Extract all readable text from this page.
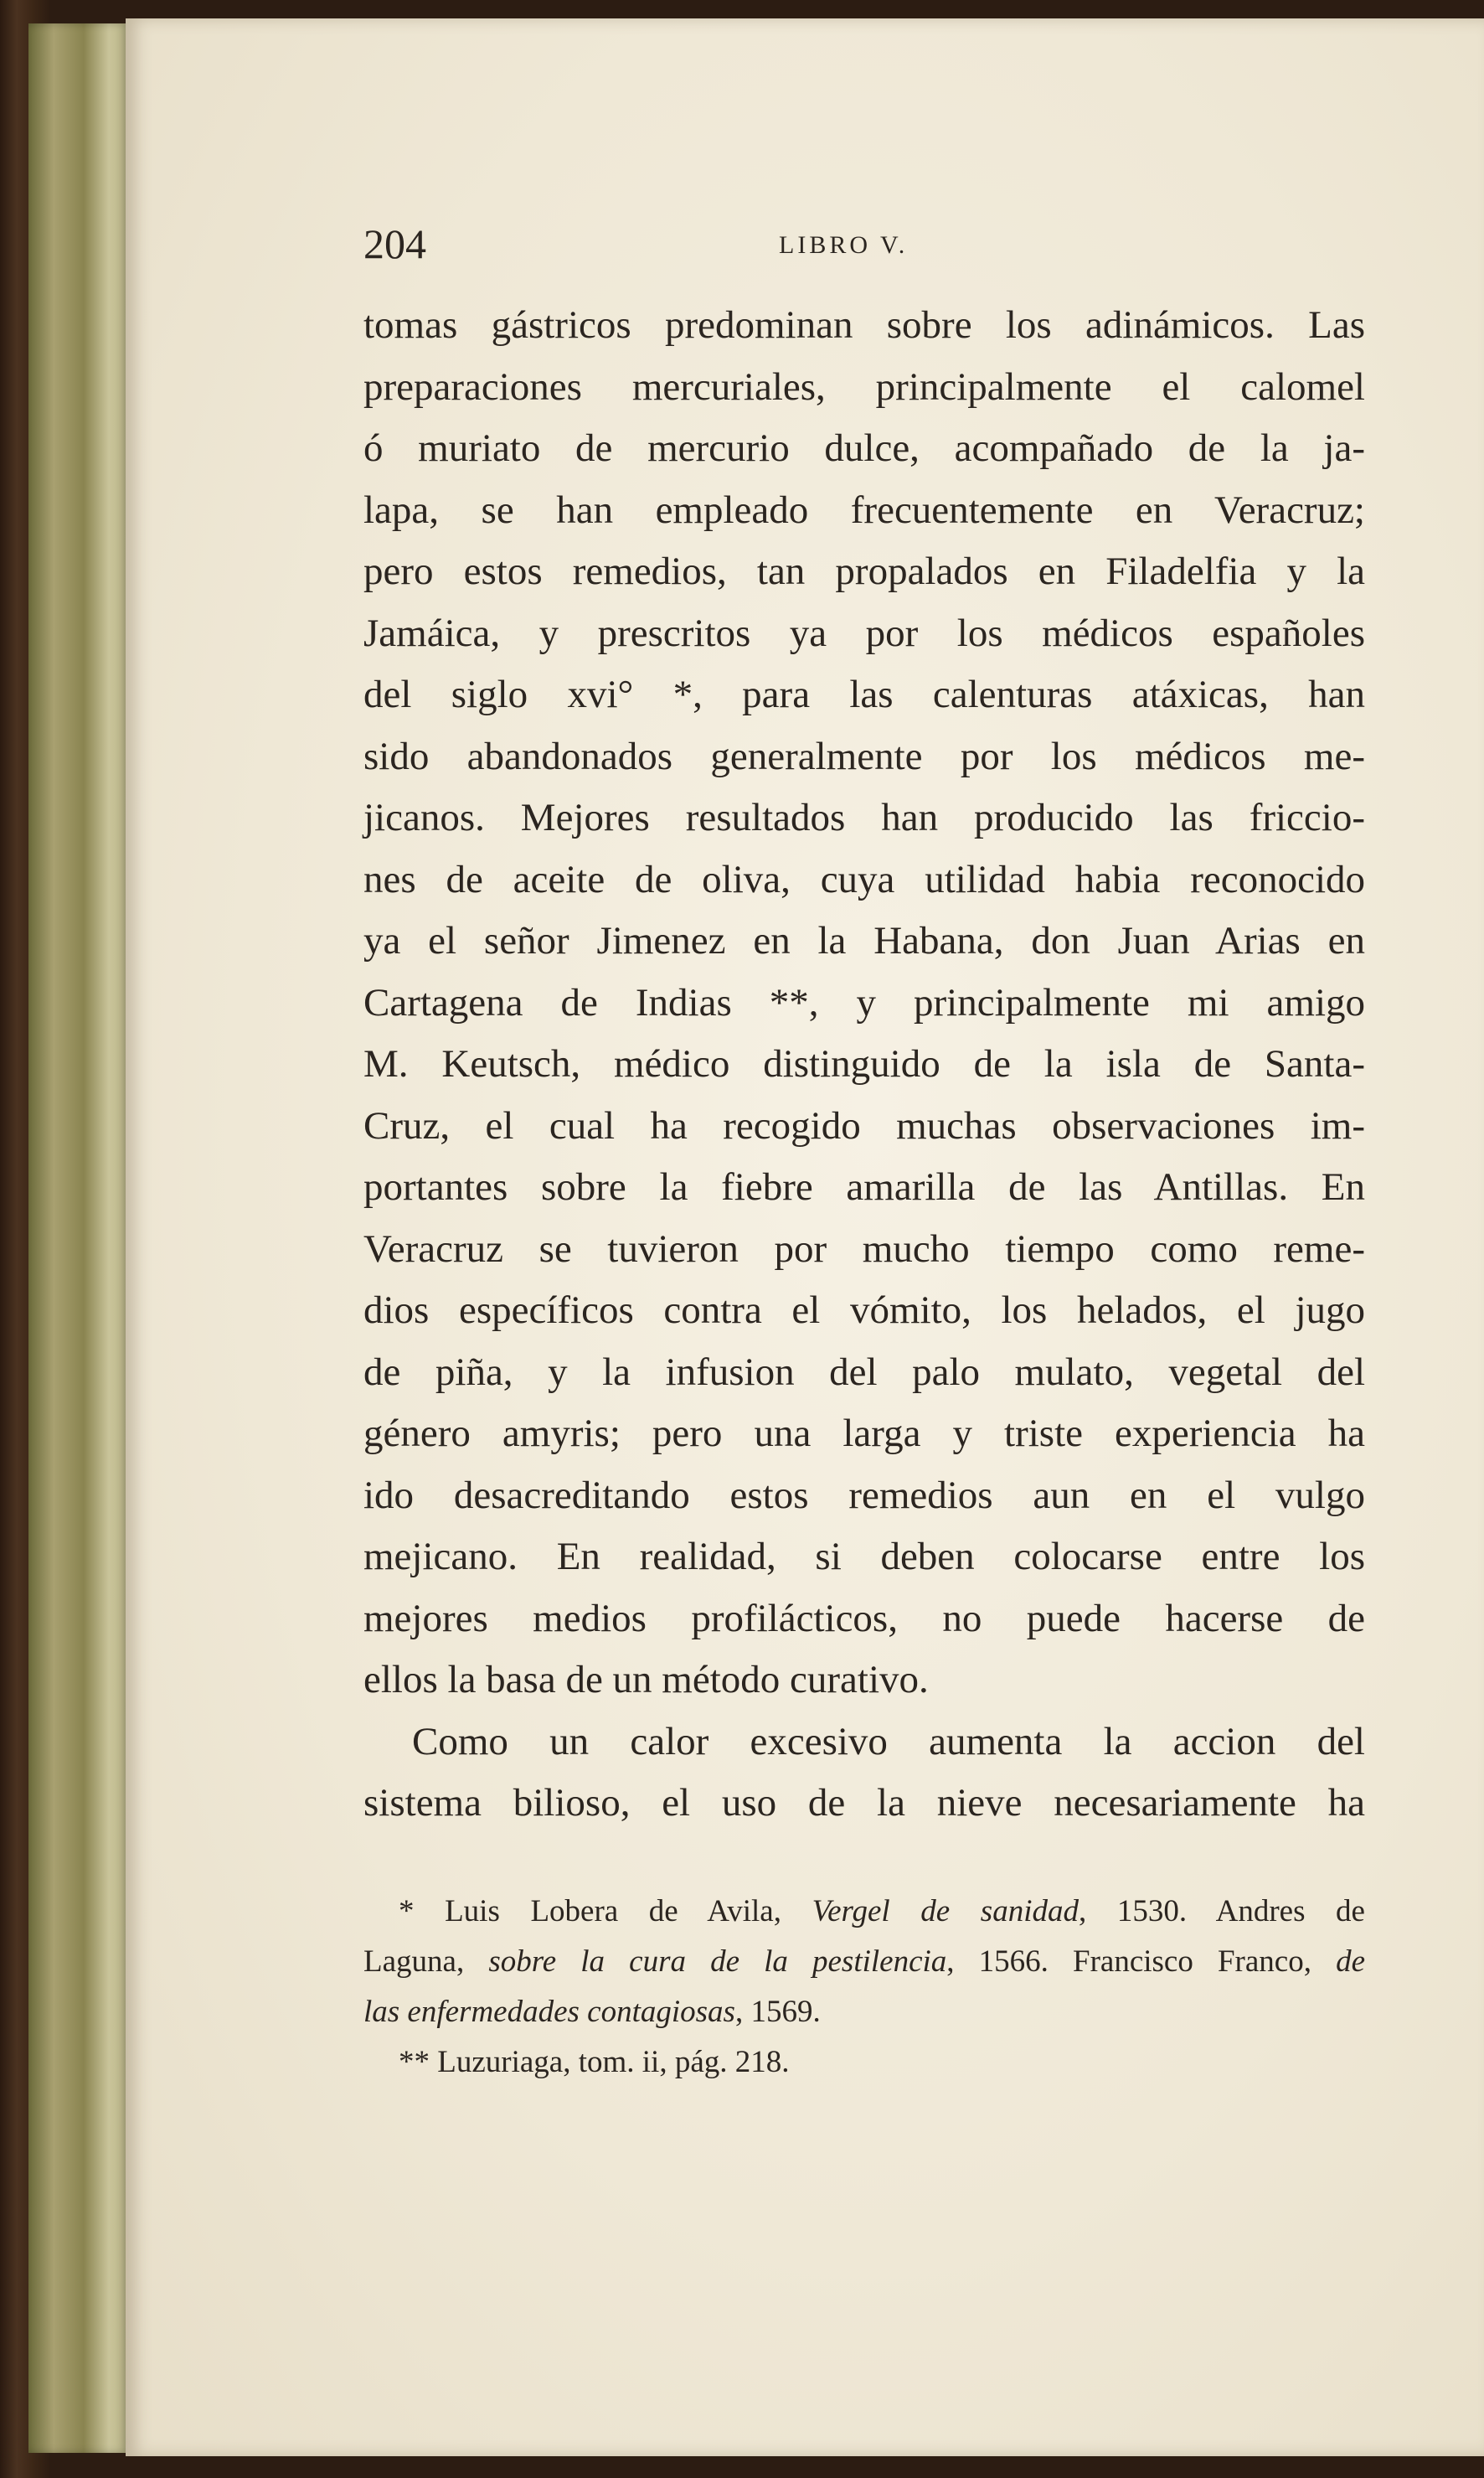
204	LIBRO V.
tomas gástricos predominan sobre los adinámicos. Las
preparaciones mercuriales, principalmente el calomel
ó muriato de mercurio dulce, acompañado de la ja-
lapa, se han empleado frecuentemente en Veracruz;
pero estos remedios, tan propalados en Filadelfia y la
Jamáica, y prescritos ya por los médicos españoles
del siglo xvi° *, para las calenturas atáxicas, han
sido abandonados generalmente por los médicos me-
jicanos. Mejores resultados han producido las friccio-
nes de aceite de oliva, cuya utilidad habia reconocido
ya el señor Jimenez en la Habana, don Juan Arias en
Cartagena de Indias **, y principalmente mi amigo
M. Keutsch, médico distinguido de la isla de Santa-
Cruz, el cual ha recogido muchas observaciones im-
portantes sobre la fiebre amarilla de las Antillas. En
Veracruz se tuvieron por mucho tiempo como reme-
dios específicos contra el vómito, los helados, el jugo
de piña, y la infusion del palo mulato, vegetal del
género amyris; pero una larga y triste experiencia ha
ido desacreditando estos remedios aun en el vulgo
mejicano. En realidad, si deben colocarse entre los
mejores medios profilácticos, no puede hacerse de
ellos la basa de un método curativo.
Como un calor excesivo aumenta la accion del
sistema bilioso, el uso de la nieve necesariamente ha
* Luis Lobera de Avila, Vergel de sanidad, 1530. Andres de
Laguna, sobre la cura de la pestilencia, 1566. Francisco Franco, de
las enfermedades contagiosas, 1569.
** Luzuriaga, tom. ii, pág. 218.
